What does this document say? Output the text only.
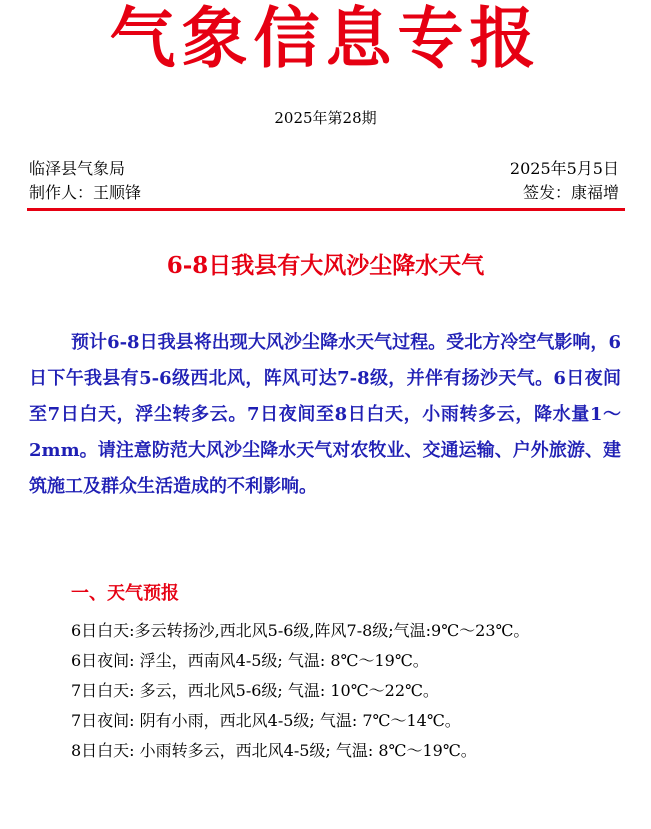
气象信息专报
2025年第28期
临泽县气象局
制作人：王顺锋
2025年5月5日
签发：康福增
6-8日我县有大风沙尘降水天气

预计6-8日我县将出现大风沙尘降水天气过程。受北方冷空气影响，6日下午我县有5-6级西北风，阵风可达7-8级，并伴有扬沙天气。6日夜间至7日白天，浮尘转多云。7日夜间至8日白天，小雨转多云，降水量1～2mm。请注意防范大风沙尘降水天气对农牧业、交通运输、户外旅游、建筑施工及群众生活造成的不利影响。

一、天气预报
6日白天:多云转扬沙,西北风5-6级,阵风7-8级;气温:9℃～23℃。
6日夜间: 浮尘，西南风4-5级; 气温: 8℃～19℃。
7日白天: 多云，西北风5-6级; 气温: 10℃～22℃。
7日夜间: 阴有小雨，西北风4-5级; 气温: 7℃～14℃。
8日白天: 小雨转多云，西北风4-5级; 气温: 8℃～19℃。
